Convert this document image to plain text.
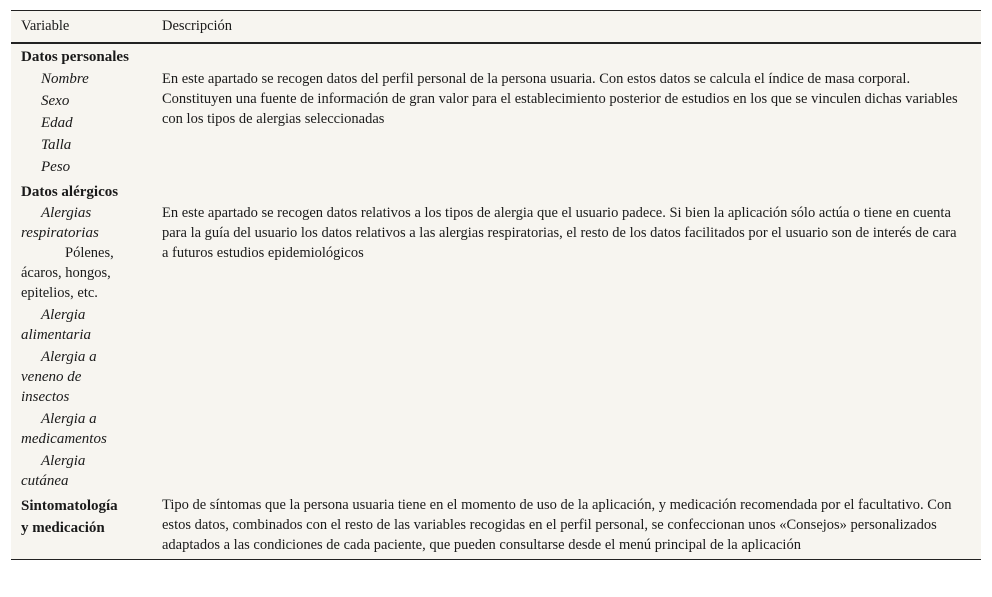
Variable	Descripción
Datos personales
Nombre
Sexo
Edad
Talla
Peso
En este apartado se recogen datos del perfil personal de la persona usuaria. Con estos datos se calcula el índice de masa corporal. Constituyen una fuente de información de gran valor para el establecimiento posterior de estudios en los que se vinculen dichas variables con los tipos de alergias seleccionadas
Datos alérgicos
Alergias respiratorias
Pólenes, ácaros, hongos, epitelios, etc.
Alergia alimentaria
Alergia a veneno de insectos
Alergia a medicamentos
Alergia cutánea
En este apartado se recogen datos relativos a los tipos de alergia que el usuario padece. Si bien la aplicación sólo actúa o tiene en cuenta para la guía del usuario los datos relativos a las alergias respiratorias, el resto de los datos facilitados por el usuario son de interés de cara a futuros estudios epidemiológicos
Sintomatología
y medicación
Tipo de síntomas que la persona usuaria tiene en el momento de uso de la aplicación, y medicación recomendada por el facultativo. Con estos datos, combinados con el resto de las variables recogidas en el perfil personal, se confeccionan unos «Consejos» personalizados adaptados a las condiciones de cada paciente, que pueden consultarse desde el menú principal de la aplicación
